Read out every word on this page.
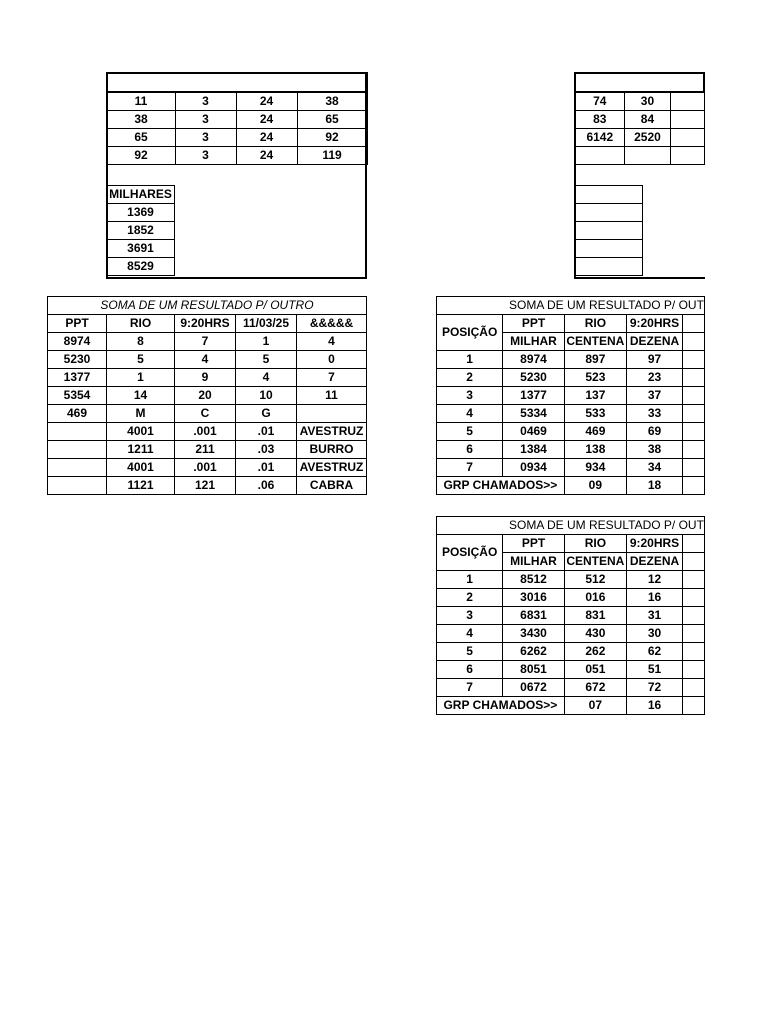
11	3	24	38
38	3	24	65
65	3	24	92
92	3	24	119
MILHARES
1369
1852
3691
8529

74	30	
83	84	
6142	2520	

SOMA DE UM RESULTADO P/ OUTRO				
PPT	RIO	9:20HRS	11/03/25	&&&&&
8974	8	7	1	4
5230	5	4	5	0
1377	1	9	4	7
5354	14	20	10	11
469	M	C	G	
	4001	.001	.01	AVESTRUZ
	1211	211	.03	BURRO
	4001	.001	.01	AVESTRUZ
	1121	121	.06	CABRA
SOMA DE UM RESULTADO P/ OUT				
POSIÇÃO	PPT	RIO	9:20HRS	
	MILHAR	CENTENA	DEZENA	
1	8974	897	97	
2	5230	523	23	
3	1377	137	37	
4	5334	533	33	
5	0469	469	69	
6	1384	138	38	
7	0934	934	34	
GRP CHAMADOS>>		09	18	
SOMA DE UM RESULTADO P/ OUT				
POSIÇÃO	PPT	RIO	9:20HRS	
	MILHAR	CENTENA	DEZENA	
1	8512	512	12	
2	3016	016	16	
3	6831	831	31	
4	3430	430	30	
5	6262	262	62	
6	8051	051	51	
7	0672	672	72	
GRP CHAMADOS>>		07	16	
